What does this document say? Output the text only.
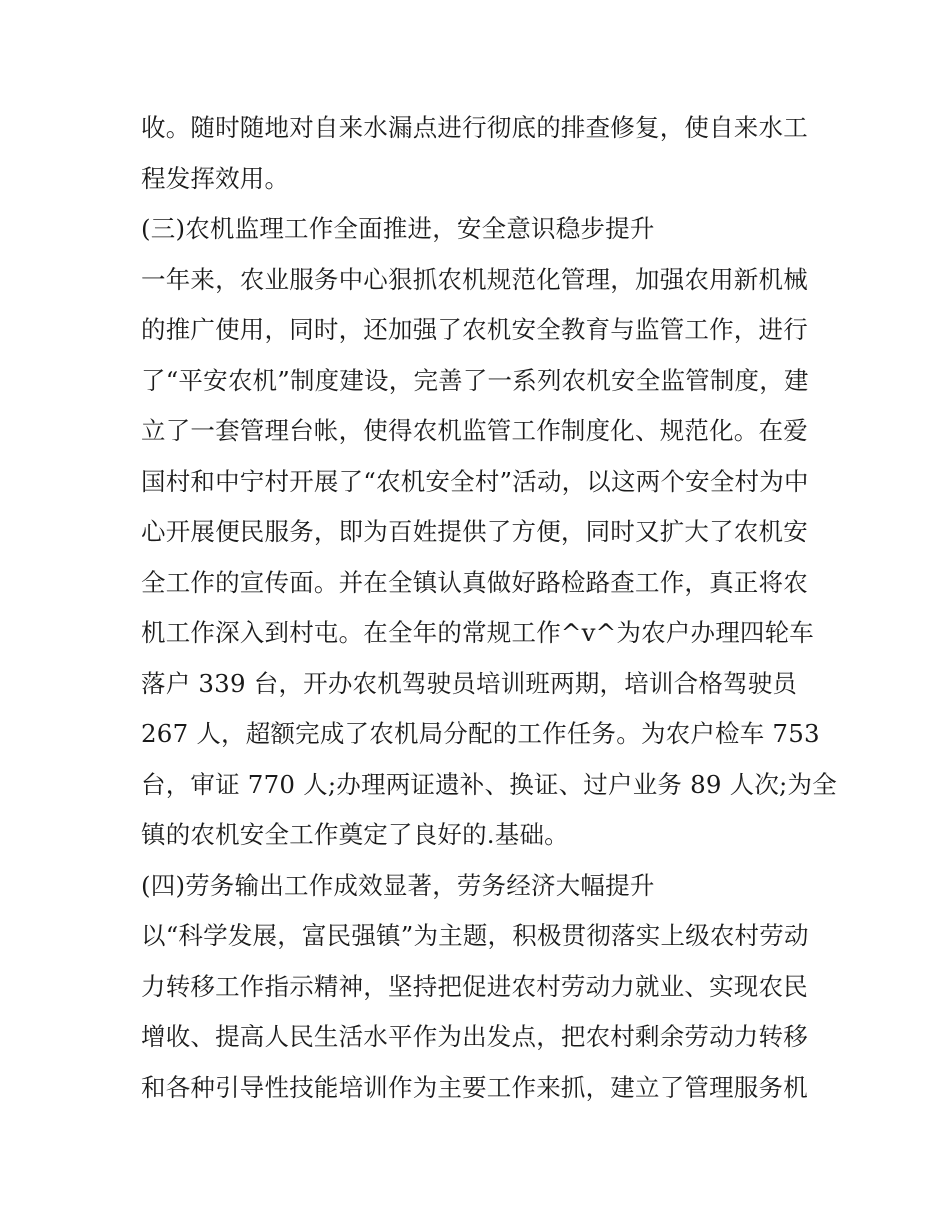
收。随时随地对自来水漏点进行彻底的排查修复，使自来水工
程发挥效用。
(三)农机监理工作全面推进，安全意识稳步提升
一年来，农业服务中心狠抓农机规范化管理，加强农用新机械
的推广使用，同时，还加强了农机安全教育与监管工作，进行
了“平安农机”制度建设，完善了一系列农机安全监管制度，建
立了一套管理台帐，使得农机监管工作制度化、规范化。在爱
国村和中宁村开展了“农机安全村”活动，以这两个安全村为中
心开展便民服务，即为百姓提供了方便，同时又扩大了农机安
全工作的宣传面。并在全镇认真做好路检路查工作，真正将农
机工作深入到村屯。在全年的常规工作^v^为农户办理四轮车
落户 339 台，开办农机驾驶员培训班两期，培训合格驾驶员
267 人，超额完成了农机局分配的工作任务。为农户检车 753
台，审证 770 人;办理两证遗补、换证、过户业务 89 人次;为全
镇的农机安全工作奠定了良好的.基础。
(四)劳务输出工作成效显著，劳务经济大幅提升
以“科学发展，富民强镇”为主题，积极贯彻落实上级农村劳动
力转移工作指示精神，坚持把促进农村劳动力就业、实现农民
增收、提高人民生活水平作为出发点，把农村剩余劳动力转移
和各种引导性技能培训作为主要工作来抓，建立了管理服务机
